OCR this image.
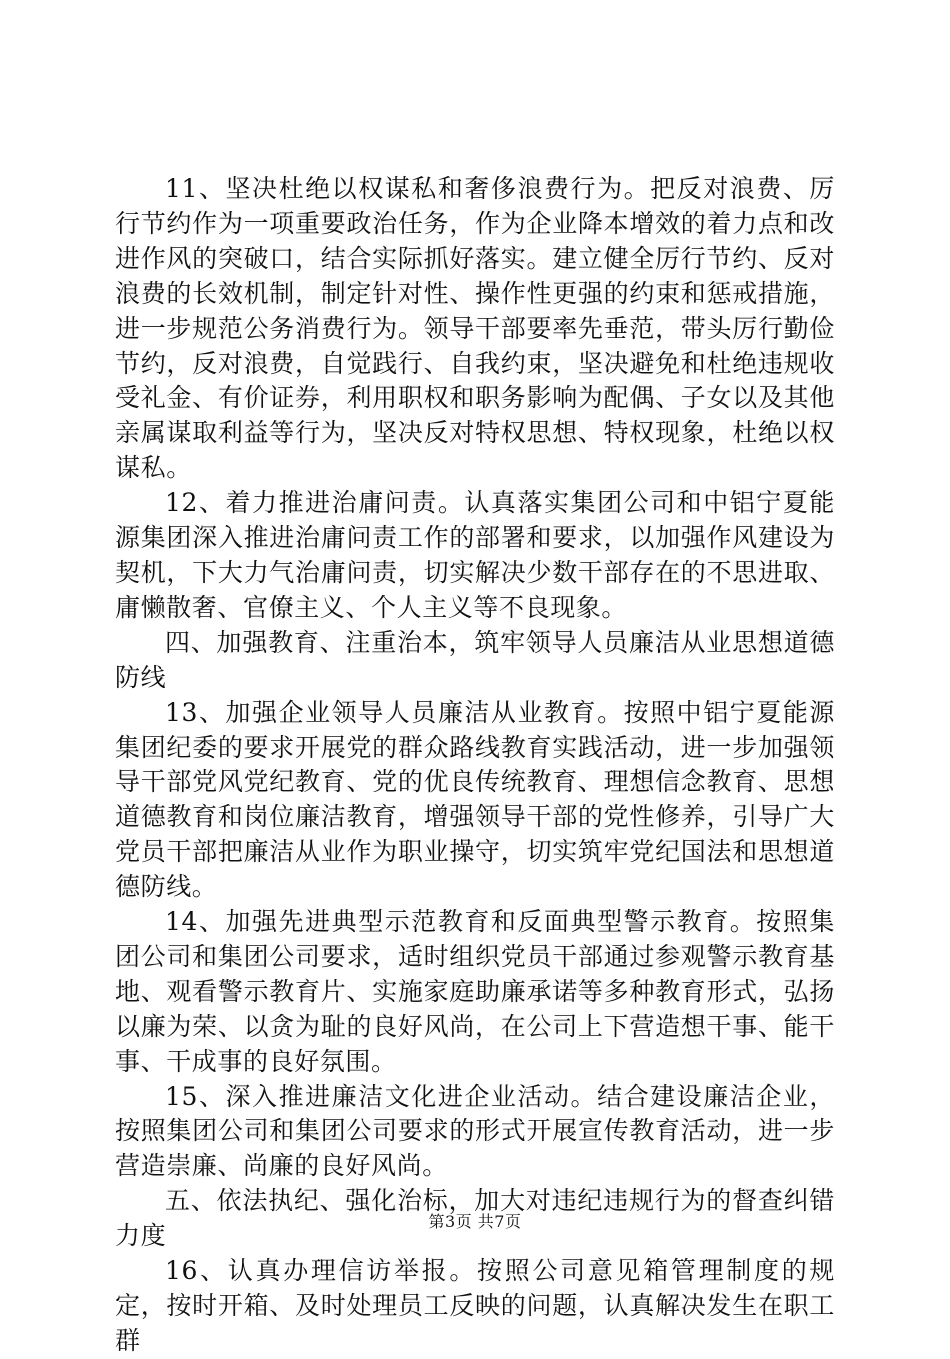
11、坚决杜绝以权谋私和奢侈浪费行为。把反对浪费、厉行节约作为一项重要政治任务，作为企业降本增效的着力点和改进作风的突破口，结合实际抓好落实。建立健全厉行节约、反对浪费的长效机制，制定针对性、操作性更强的约束和惩戒措施，进一步规范公务消费行为。领导干部要率先垂范，带头厉行勤俭节约，反对浪费，自觉践行、自我约束，坚决避免和杜绝违规收受礼金、有价证券，利用职权和职务影响为配偶、子女以及其他亲属谋取利益等行为，坚决反对特权思想、特权现象，杜绝以权谋私。

12、着力推进治庸问责。认真落实集团公司和中铝宁夏能源集团深入推进治庸问责工作的部署和要求，以加强作风建设为契机，下大力气治庸问责，切实解决少数干部存在的不思进取、庸懒散奢、官僚主义、个人主义等不良现象。

四、加强教育、注重治本，筑牢领导人员廉洁从业思想道德防线

13、加强企业领导人员廉洁从业教育。按照中铝宁夏能源集团纪委的要求开展党的群众路线教育实践活动，进一步加强领导干部党风党纪教育、党的优良传统教育、理想信念教育、思想道德教育和岗位廉洁教育，增强领导干部的党性修养，引导广大党员干部把廉洁从业作为职业操守，切实筑牢党纪国法和思想道德防线。

14、加强先进典型示范教育和反面典型警示教育。按照集团公司和集团公司要求，适时组织党员干部通过参观警示教育基地、观看警示教育片、实施家庭助廉承诺等多种教育形式，弘扬以廉为荣、以贪为耻的良好风尚，在公司上下营造想干事、能干事、干成事的良好氛围。

15、深入推进廉洁文化进企业活动。结合建设廉洁企业，按照集团公司和集团公司要求的形式开展宣传教育活动，进一步营造崇廉、尚廉的良好风尚。

五、依法执纪、强化治标，加大对违纪违规行为的督查纠错力度

16、认真办理信访举报。按照公司意见箱管理制度的规定，按时开箱、及时处理员工反映的问题，认真解决发生在职工群

第3页 共7页
